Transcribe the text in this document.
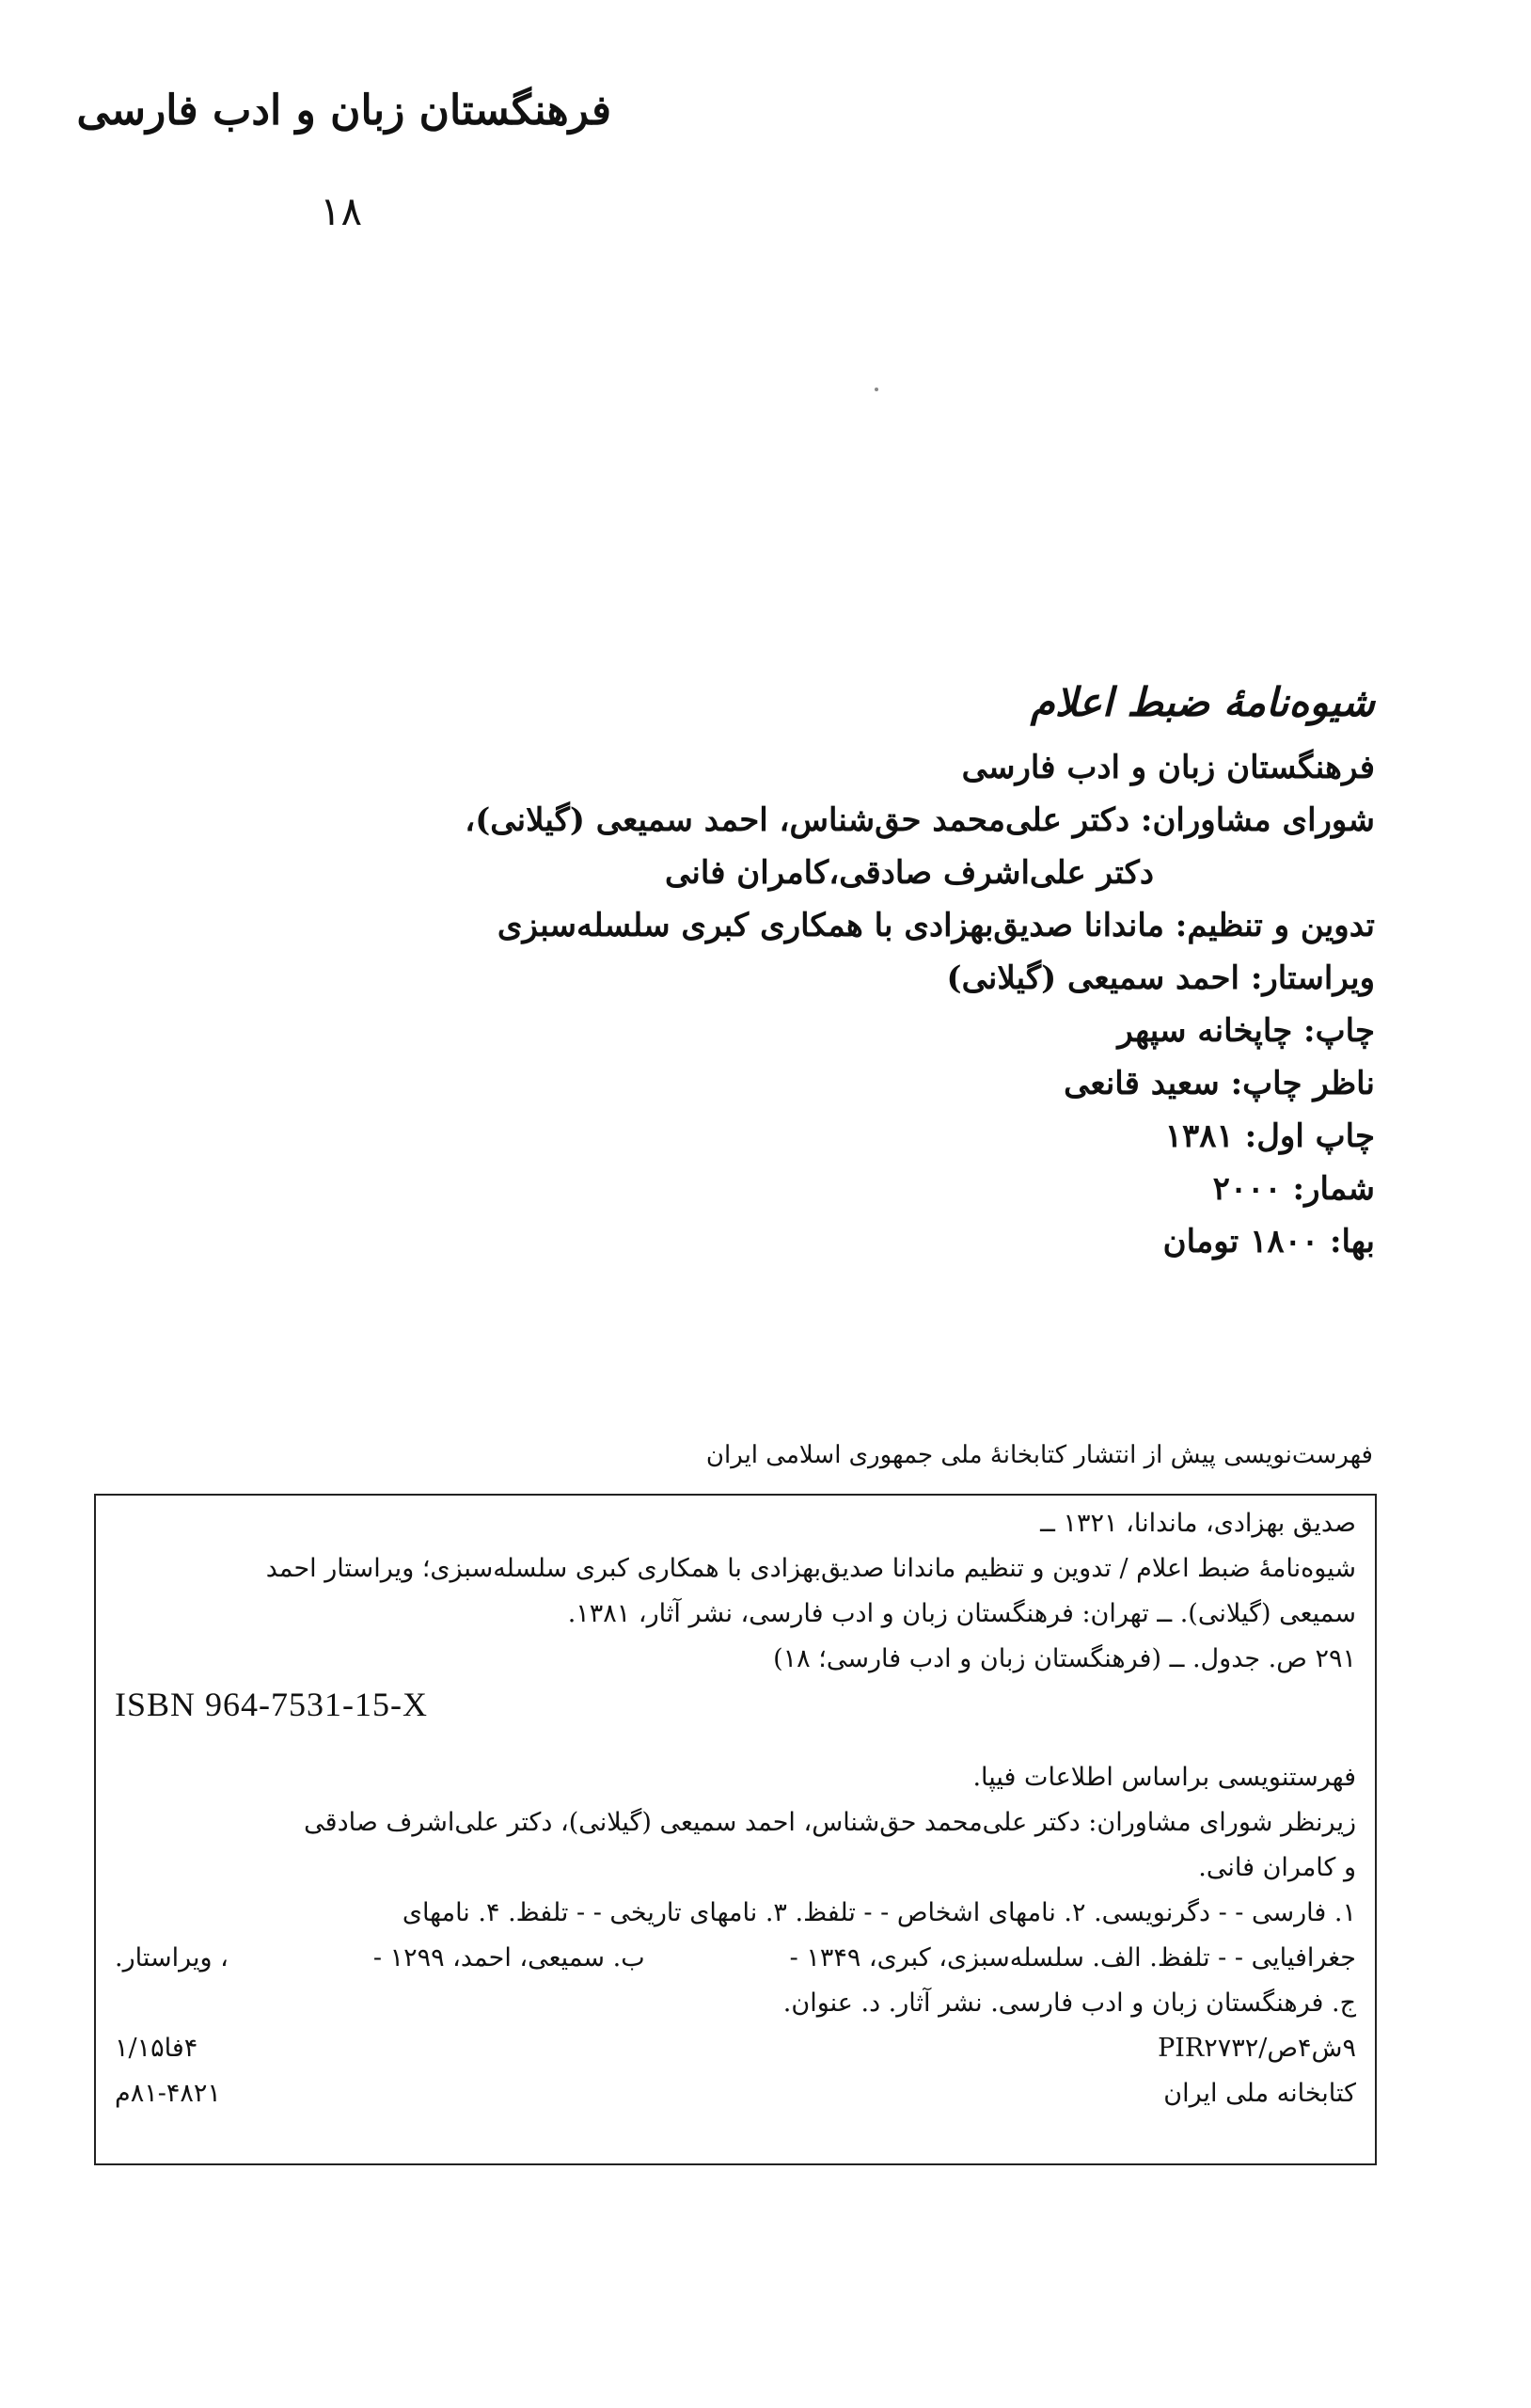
فرهنگستان زبان و ادب فارسی
۱۸
شیوه‌نامهٔ ضبط اعلام
فرهنگستان زبان و ادب فارسی
شورای مشاوران: دکتر علی‌محمد حق‌شناس، احمد سمیعی (گیلانی)،
دکتر علی‌اشرف صادقی،کامران فانی
تدوین و تنظیم: ماندانا صدیق‌بهزادی با همکاری کبری سلسله‌سبزی
ویراستار: احمد سمیعی (گیلانی)
چاپ: چاپخانه سپهر
ناظر چاپ: سعید قانعی
چاپ اول: ۱۳۸۱
شمار: ۲۰۰۰
بها: ۱۸۰۰ تومان
فهرست‌نویسی پیش از انتشار کتابخانهٔ ملی جمهوری اسلامی ایران
صدیق بهزادی، ماندانا، ۱۳۲۱ ــ
شیوه‌نامهٔ ضبط اعلام / تدوین و تنظیم ماندانا صدیق‌بهزادی با همکاری کبری سلسله‌سبزی؛ ویراستار احمد
سمیعی (گیلانی). ــ تهران: فرهنگستان زبان و ادب فارسی، نشر آثار، ۱۳۸۱.
۲۹۱ ص. جدول. ــ (فرهنگستان زبان و ادب فارسی؛ ۱۸)
ISBN 964-7531-15-X
فهرستنویسی براساس اطلاعات فیپا.
زیرنظر شورای مشاوران: دکتر علی‌محمد حق‌شناس، احمد سمیعی (گیلانی)، دکتر علی‌اشرف صادقی
و کامران فانی.
۱. فارسی ‑ ‑ دگرنویسی. ۲. نامهای اشخاص ‑ ‑ تلفظ. ۳. نامهای تاریخی ‑ ‑ تلفظ. ۴. نامهای
، ویراستار.	ب. سمیعی، احمد، ۱۲۹۹ ‑	جغرافیایی ‑ ‑ تلفظ. الف. سلسله‌سبزی، کبری، ۱۳۴۹ ‑
ج. فرهنگستان زبان و ادب فارسی. نشر آثار. د. عنوان.
۴فا۱/۱۵	۹ش۴ص/PIR۲۷۳۲
۴۸۲۱‑۸۱م	کتابخانه ملی ایران
